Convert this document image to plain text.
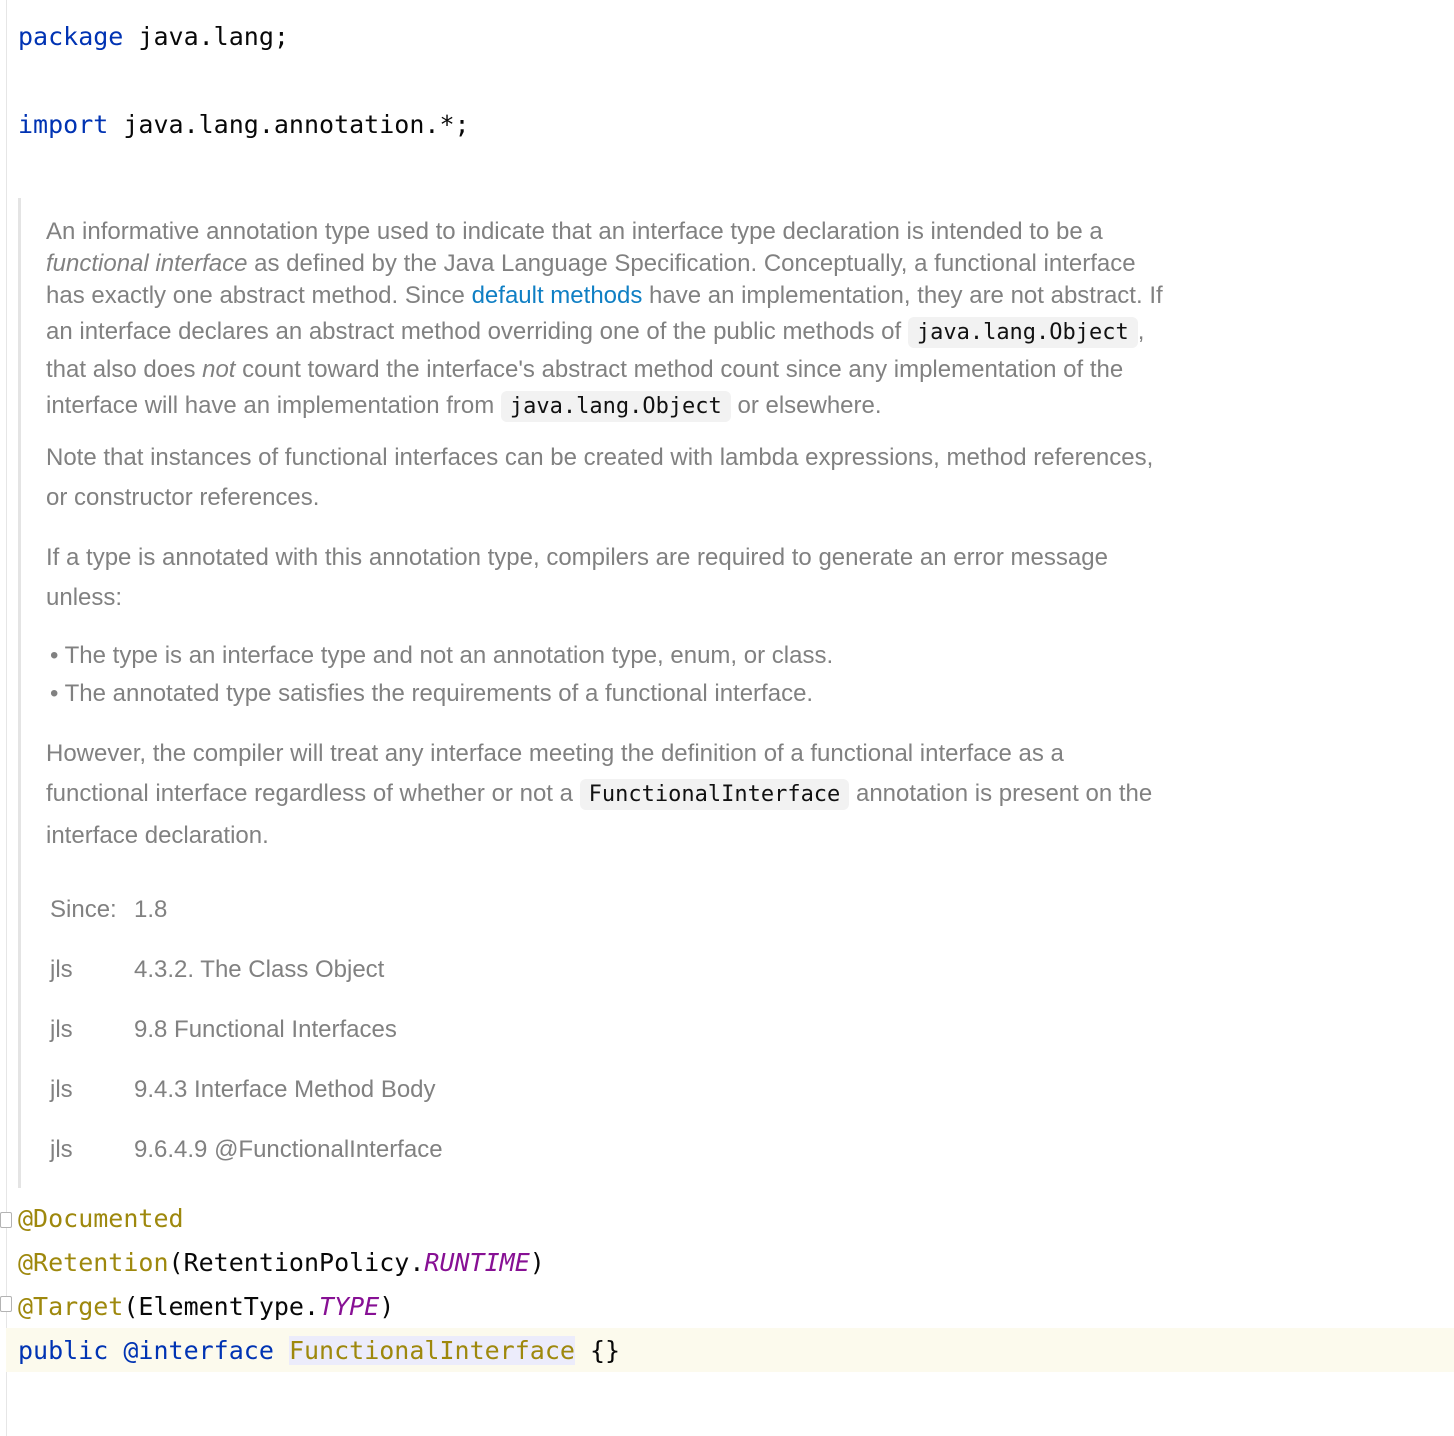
package java.lang;
import java.lang.annotation.*;
An informative annotation type used to indicate that an interface type declaration is intended to be a
functional interface as defined by the Java Language Specification. Conceptually, a functional interface
has exactly one abstract method. Since default methods have an implementation, they are not abstract. If
an interface declares an abstract method overriding one of the public methods of java.lang.Object ,
that also does not count toward the interface's abstract method count since any implementation of the
interface will have an implementation from java.lang.Object or elsewhere.
Note that instances of functional interfaces can be created with lambda expressions, method references,
or constructor references.
If a type is annotated with this annotation type, compilers are required to generate an error message
unless:
• The type is an interface type and not an annotation type, enum, or class.
• The annotated type satisfies the requirements of a functional interface.
However, the compiler will treat any interface meeting the definition of a functional interface as a
functional interface regardless of whether or not a FunctionalInterface annotation is present on the
interface declaration.
Since: 1.8
jls	4.3.2. The Class Object
jls	9.8 Functional Interfaces
jls	9.4.3 Interface Method Body
jls	9.6.4.9 @FunctionalInterface
@Documented
@Retention(RetentionPolicy.RUNTIME)
@Target(ElementType.TYPE)
public @interface FunctionalInterface {}
